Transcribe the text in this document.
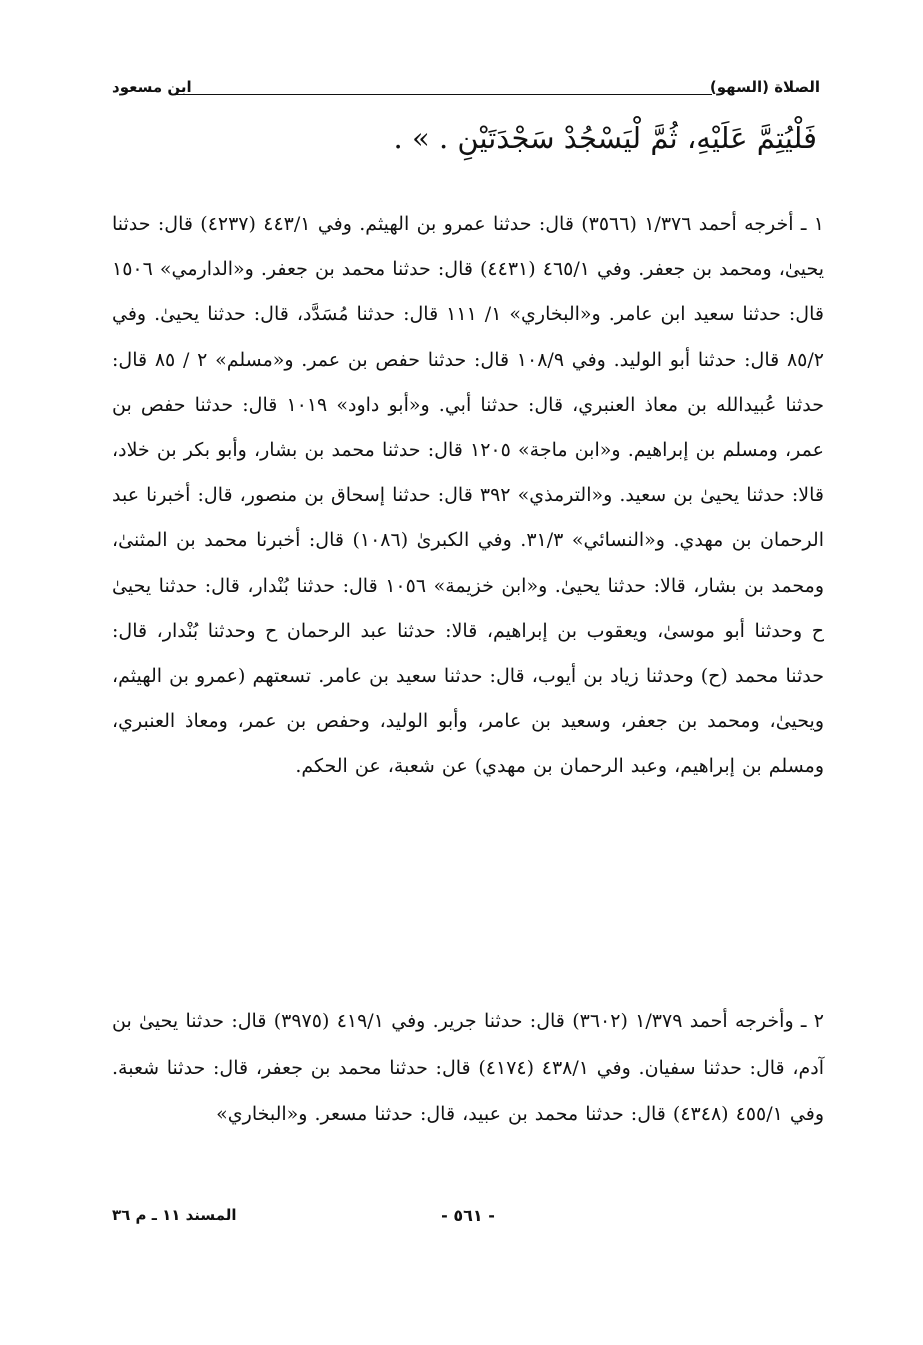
الصلاة (السهو)
ابن مسعود
فَلْيُتِمَّ عَلَيْهِ، ثُمَّ لْيَسْجُدْ سَجْدَتَيْنِ . » .

١ ـ أخرجه أحمد ١/٣٧٦ (٣٥٦٦) قال: حدثنا عمرو بن الهيثم. وفي ٤٤٣/١ (٤٢٣٧) قال: حدثنا يحيىٰ، ومحمد بن جعفر. وفي ٤٦٥/١ (٤٤٣١) قال: حدثنا محمد بن جعفر. و«الدارمي» ١٥٠٦ قال: حدثنا سعيد ابن عامر. و«البخاري» ١/ ١١١ قال: حدثنا مُسَدَّد، قال: حدثنا يحيىٰ. وفي ٨٥/٢ قال: حدثنا أبو الوليد. وفي ١٠٨/٩ قال: حدثنا حفص بن عمر. و«مسلم» ٢ / ٨٥ قال: حدثنا عُبيدالله بن معاذ العنبري، قال: حدثنا أبي. و«أبو داود» ١٠١٩ قال: حدثنا حفص بن عمر، ومسلم بن إبراهيم. و«ابن ماجة» ١٢٠٥ قال: حدثنا محمد بن بشار، وأبو بكر بن خلاد، قالا: حدثنا يحيىٰ بن سعيد. و«الترمذي» ٣٩٢ قال: حدثنا إسحاق بن منصور، قال: أخبرنا عبد الرحمان بن مهدي. و«النسائي» ٣١/٣. وفي الكبرىٰ (١٠٨٦) قال: أخبرنا محمد بن المثنىٰ، ومحمد بن بشار، قالا: حدثنا يحيىٰ. و«ابن خزيمة» ١٠٥٦ قال: حدثنا بُنْدار، قال: حدثنا يحيىٰ ح وحدثنا أبو موسىٰ، ويعقوب بن إبراهيم، قالا: حدثنا عبد الرحمان ح وحدثنا بُنْدار، قال: حدثنا محمد (ح) وحدثنا زياد بن أيوب، قال: حدثنا سعيد بن عامر. تسعتهم (عمرو بن الهيثم، ويحيىٰ، ومحمد بن جعفر، وسعيد بن عامر، وأبو الوليد، وحفص بن عمر، ومعاذ العنبري، ومسلم بن إبراهيم، وعبد الرحمان بن مهدي) عن شعبة، عن الحكم.

٢ ـ وأخرجه أحمد ١/٣٧٩ (٣٦٠٢) قال: حدثنا جرير. وفي ٤١٩/١ (٣٩٧٥) قال: حدثنا يحيىٰ بن آدم، قال: حدثنا سفيان. وفي ٤٣٨/١ (٤١٧٤) قال: حدثنا محمد بن جعفر، قال: حدثنا شعبة. وفي ٤٥٥/١ (٤٣٤٨) قال: حدثنا محمد بن عبيد، قال: حدثنا مسعر. و«البخاري»

- ٥٦١ -
المسند ١١ ـ م ٣٦
